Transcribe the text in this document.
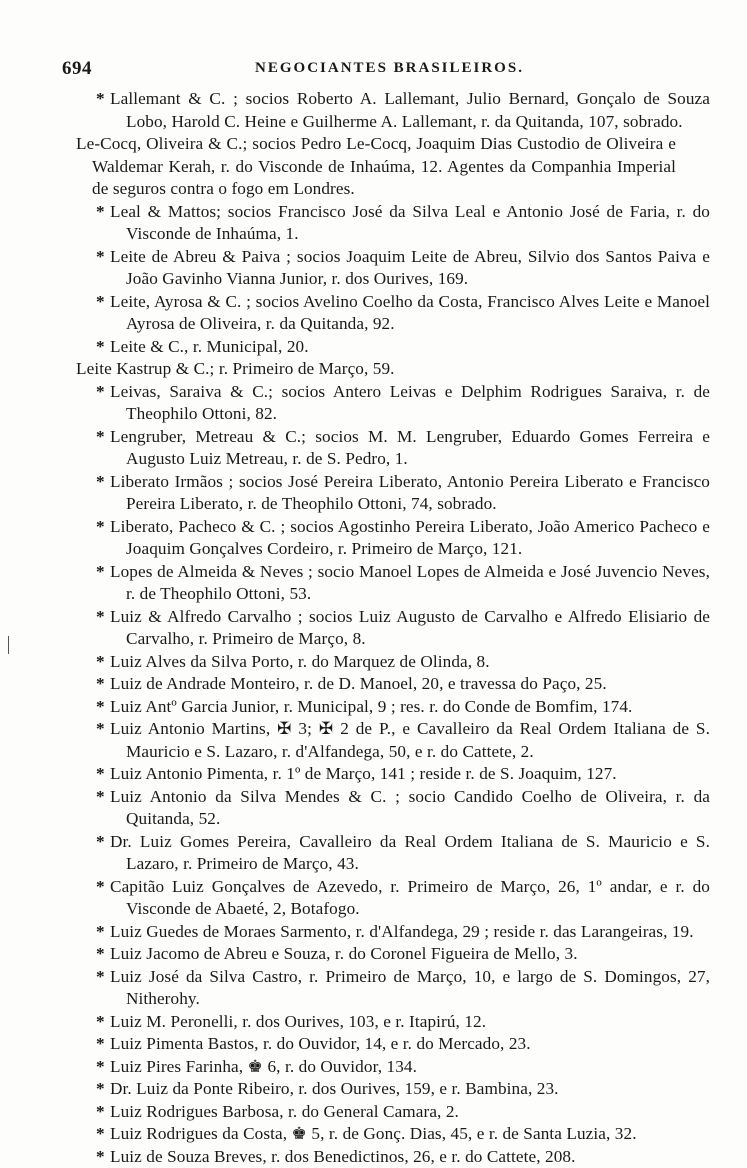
694	NEGOCIANTES BRASILEIROS.
* Lallemant & C. ; socios Roberto A. Lallemant, Julio Bernard, Gonçalo de Souza Lobo, Harold C. Heine e Guilherme A. Lallemant, r. da Quitanda, 107, sobrado.
Le-Cocq, Oliveira & C.; socios Pedro Le-Cocq, Joaquim Dias Custodio de Oliveira e Waldemar Kerah, r. do Visconde de Inhaúma, 12. Agentes da Companhia Imperial de seguros contra o fogo em Londres.
* Leal & Mattos; socios Francisco José da Silva Leal e Antonio José de Faria, r. do Visconde de Inhaúma, 1.
* Leite de Abreu & Paiva ; socios Joaquim Leite de Abreu, Silvio dos Santos Paiva e João Gavinho Vianna Junior, r. dos Ourives, 169.
* Leite, Ayrosa & C. ; socios Avelino Coelho da Costa, Francisco Alves Leite e Manoel Ayrosa de Oliveira, r. da Quitanda, 92.
* Leite & C., r. Municipal, 20.
Leite Kastrup & C.; r. Primeiro de Março, 59.
* Leivas, Saraiva & C.; socios Antero Leivas e Delphim Rodrigues Saraiva, r. de Theophilo Ottoni, 82.
* Lengruber, Metreau & C.; socios M. M. Lengruber, Eduardo Gomes Ferreira e Augusto Luiz Metreau, r. de S. Pedro, 1.
* Liberato Irmãos ; socios José Pereira Liberato, Antonio Pereira Liberato e Francisco Pereira Liberato, r. de Theophilo Ottoni, 74, sobrado.
* Liberato, Pacheco & C. ; socios Agostinho Pereira Liberato, João Americo Pacheco e Joaquim Gonçalves Cordeiro, r. Primeiro de Março, 121.
* Lopes de Almeida & Neves ; socio Manoel Lopes de Almeida e José Juvencio Neves, r. de Theophilo Ottoni, 53.
* Luiz & Alfredo Carvalho ; socios Luiz Augusto de Carvalho e Alfredo Elisiario de Carvalho, r. Primeiro de Março, 8.
* Luiz Alves da Silva Porto, r. do Marquez de Olinda, 8.
* Luiz de Andrade Monteiro, r. de D. Manoel, 20, e travessa do Paço, 25.
* Luiz Antº Garcia Junior, r. Municipal, 9 ; res. r. do Conde de Bomfim, 174.
* Luiz Antonio Martins, ✠ 3; ✠ 2 de P., e Cavalleiro da Real Ordem Italiana de S. Mauricio e S. Lazaro, r. d'Alfandega, 50, e r. do Cattete, 2.
* Luiz Antonio Pimenta, r. 1º de Março, 141 ; reside r. de S. Joaquim, 127.
* Luiz Antonio da Silva Mendes & C. ; socio Candido Coelho de Oliveira, r. da Quitanda, 52.
* Dr. Luiz Gomes Pereira, Cavalleiro da Real Ordem Italiana de S. Mauricio e S. Lazaro, r. Primeiro de Março, 43.
* Capitão Luiz Gonçalves de Azevedo, r. Primeiro de Março, 26, 1º andar, e r. do Visconde de Abaeté, 2, Botafogo.
* Luiz Guedes de Moraes Sarmento, r. d'Alfandega, 29 ; reside r. das Larangeiras, 19.
* Luiz Jacomo de Abreu e Souza, r. do Coronel Figueira de Mello, 3.
* Luiz José da Silva Castro, r. Primeiro de Março, 10, e largo de S. Domingos, 27, Nitherohy.
* Luiz M. Peronelli, r. dos Ourives, 103, e r. Itapirú, 12.
* Luiz Pimenta Bastos, r. do Ouvidor, 14, e r. do Mercado, 23.
* Luiz Pires Farinha, ♚ 6, r. do Ouvidor, 134.
* Dr. Luiz da Ponte Ribeiro, r. dos Ourives, 159, e r. Bambina, 23.
* Luiz Rodrigues Barbosa, r. do General Camara, 2.
* Luiz Rodrigues da Costa, ♚ 5, r. de Gonç. Dias, 45, e r. de Santa Luzia, 32.
* Luiz de Souza Breves, r. dos Benedictinos, 26, e r. do Cattete, 208.
